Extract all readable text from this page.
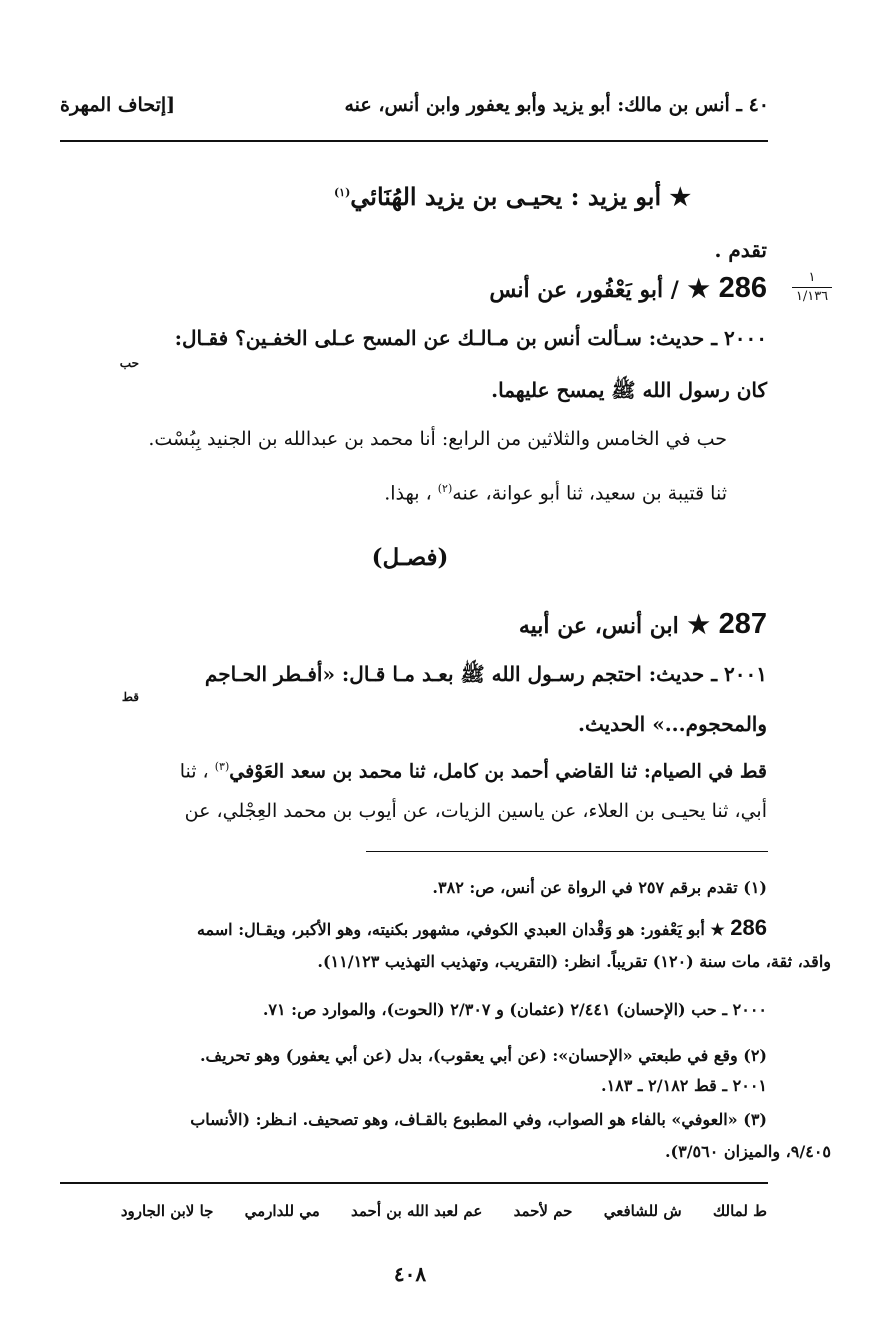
٤٠ ـ أنس بن مالك: أبو يزيد وأبو يعفور وابن أنس، عنه
[إتحاف المهرة
★ أبو يزيد : يحيـى بن يزيد الهُنَائي$^{(١)}$
تقدم .
286 ★ / أبو يَعْفُور، عن أنس	١
١/١٣٦
٢٠٠٠ ـ حديث: سـألت أنس بن مـالـك عن المسح عـلى الخفـين؟ فقـال:
حب
كان رسول الله ﷺ يمسح عليهما.
حب في الخامس والثلاثين من الرابع: أنا محمد بن عبدالله بن الجنيد بِبُسْت.
ثنا قتيبة بن سعيد، ثنا أبو عوانة، عنه$^{(٢)}$ ، بهذا.
(فصـل)
287 ★ ابن أنس، عن أبيه
٢٠٠١ ـ حديث: احتجم رسـول الله ﷺ بعـد مـا قـال: «أفـطر الحـاجم
قط
والمحجوم...» الحديث.
قط في الصيام: ثنا القاضي أحمد بن كامل، ثنا محمد بن سعد العَوْفي$^{(٣)}$ ، ثنا
أبي، ثنا يحيـى بن العلاء، عن ياسين الزيات، عن أيوب بن محمد العِجْلي، عن
(١) تقدم برقم ٢٥٧ في الرواة عن أنس، ص: ٣٨٢.
286 ★ أبو يَعْفور: هو وَقْدان العبدي الكوفي، مشهور بكنيته، وهو الأكبر، ويقـال: اسمه
واقد، ثقة، مات سنة (١٢٠) تقريباً. انظر: (التقريب، وتهذيب التهذيب ١١/١٢٣).
٢٠٠٠ ـ حب (الإحسان) ٢/٤٤١ (عثمان) و ٢/٣٠٧ (الحوت)، والموارد ص: ٧١.
(٢) وقع في طبعتي «الإحسان»: (عن أبي يعقوب)، بدل (عن أبي يعفور) وهو تحريف.
٢٠٠١ ـ قط ٢/١٨٢ ـ ١٨٣.
(٣) «العوفي» بالفاء هو الصواب، وفي المطبوع بالقـاف، وهو تصحيف. انـظر: (الأنساب
٩/٤٠٥، والميزان ٣/٥٦٠).
ط لمالك ش للشافعي حم لأحمد عم لعبد الله بن أحمد مي للدارمي جا لابن الجارود
٤٠٨
